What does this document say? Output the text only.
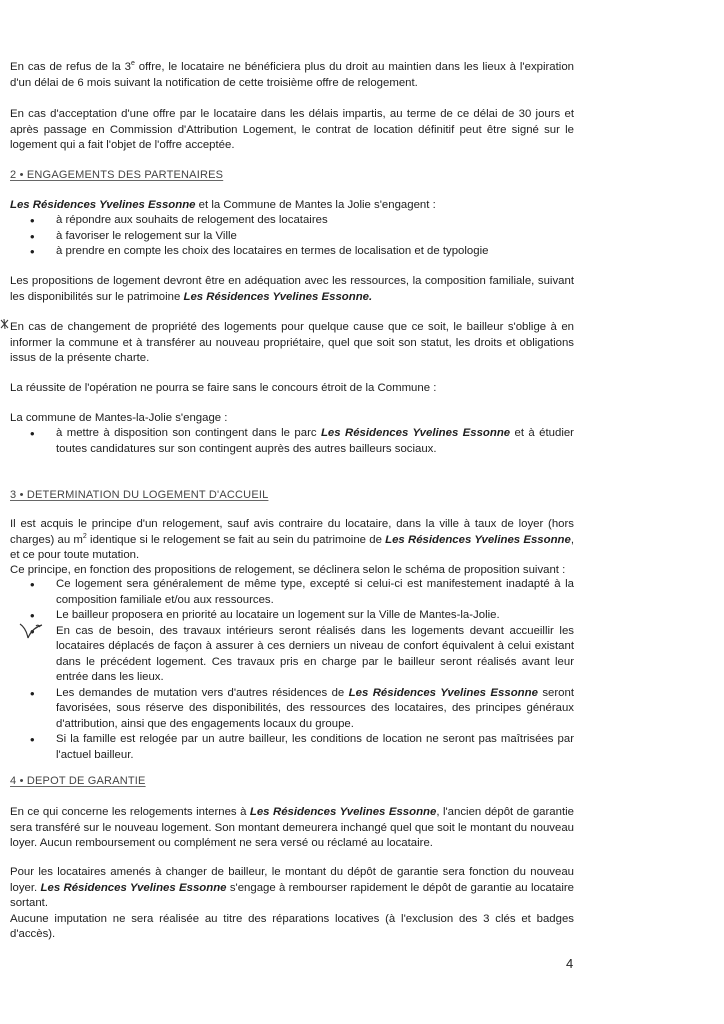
En cas de refus de la 3e offre, le locataire ne bénéficiera plus du droit au maintien dans les lieux à l'expiration d'un délai de 6 mois suivant la notification de cette troisième offre de relogement.

En cas d'acceptation d'une offre par le locataire dans les délais impartis, au terme de ce délai de 30 jours et après passage en Commission d'Attribution Logement, le contrat de location définitif peut être signé sur le logement qui a fait l'objet de l'offre acceptée.

2 • ENGAGEMENTS DES PARTENAIRES

Les Résidences Yvelines Essonne et la Commune de Mantes la Jolie s'engagent :

• à répondre aux souhaits de relogement des locataires
• à favoriser le relogement sur la Ville
• à prendre en compte les choix des locataires en termes de localisation et de typologie

Les propositions de logement devront être en adéquation avec les ressources, la composition familiale, suivant les disponibilités sur le patrimoine Les Résidences Yvelines Essonne.

En cas de changement de propriété des logements pour quelque cause que ce soit, le bailleur s'oblige à en informer la commune et à transférer au nouveau propriétaire, quel que soit son statut, les droits et obligations issus de la présente charte.

La réussite de l'opération ne pourra se faire sans le concours étroit de la Commune :

La commune de Mantes-la-Jolie s'engage :

• à mettre à disposition son contingent dans le parc Les Résidences Yvelines Essonne et à étudier toutes candidatures sur son contingent auprès des autres bailleurs sociaux.
3 • DETERMINATION DU LOGEMENT D'ACCUEIL

Il est acquis le principe d'un relogement, sauf avis contraire du locataire, dans la ville à taux de loyer (hors charges) au $m^2$ identique si le relogement se fait au sein du patrimoine de Les Résidences Yvelines Essonne, et ce pour toute mutation.

Ce principe, en fonction des propositions de relogement, se déclinera selon le schéma de proposition suivant :

• Ce logement sera généralement de même type, excepté si celui-ci est manifestement inadapté à la composition familiale et/ou aux ressources.
• Le bailleur proposera en priorité au locataire un logement sur la Ville de Mantes-la-Jolie.
• En cas de besoin, des travaux intérieurs seront réalisés dans les logements devant accueillir les locataires déplacés de façon à assurer à ces derniers un niveau de confort équivalent à celui existant dans le précédent logement. Ces travaux pris en charge par le bailleur seront réalisés avant leur entrée dans les lieux.
• Les demandes de mutation vers d'autres résidences de Les Résidences Yvelines Essonne seront favorisées, sous réserve des disponibilités, des ressources des locataires, des principes généraux d'attribution, ainsi que des engagements locaux du groupe.
• Si la famille est relogée par un autre bailleur, les conditions de location ne seront pas maîtrisées par l'actuel bailleur.
4 • DEPOT DE GARANTIE

En ce qui concerne les relogements internes à Les Résidences Yvelines Essonne, l'ancien dépôt de garantie sera transféré sur le nouveau logement. Son montant demeurera inchangé quel que soit le montant du nouveau loyer. Aucun remboursement ou complément ne sera versé ou réclamé au locataire.

Pour les locataires amenés à changer de bailleur, le montant du dépôt de garantie sera fonction du nouveau loyer. Les Résidences Yvelines Essonne s'engage à rembourser rapidement le dépôt de garantie au locataire sortant.
Aucune imputation ne sera réalisée au titre des réparations locatives (à l'exclusion des 3 clés et badges d'accès).

4
